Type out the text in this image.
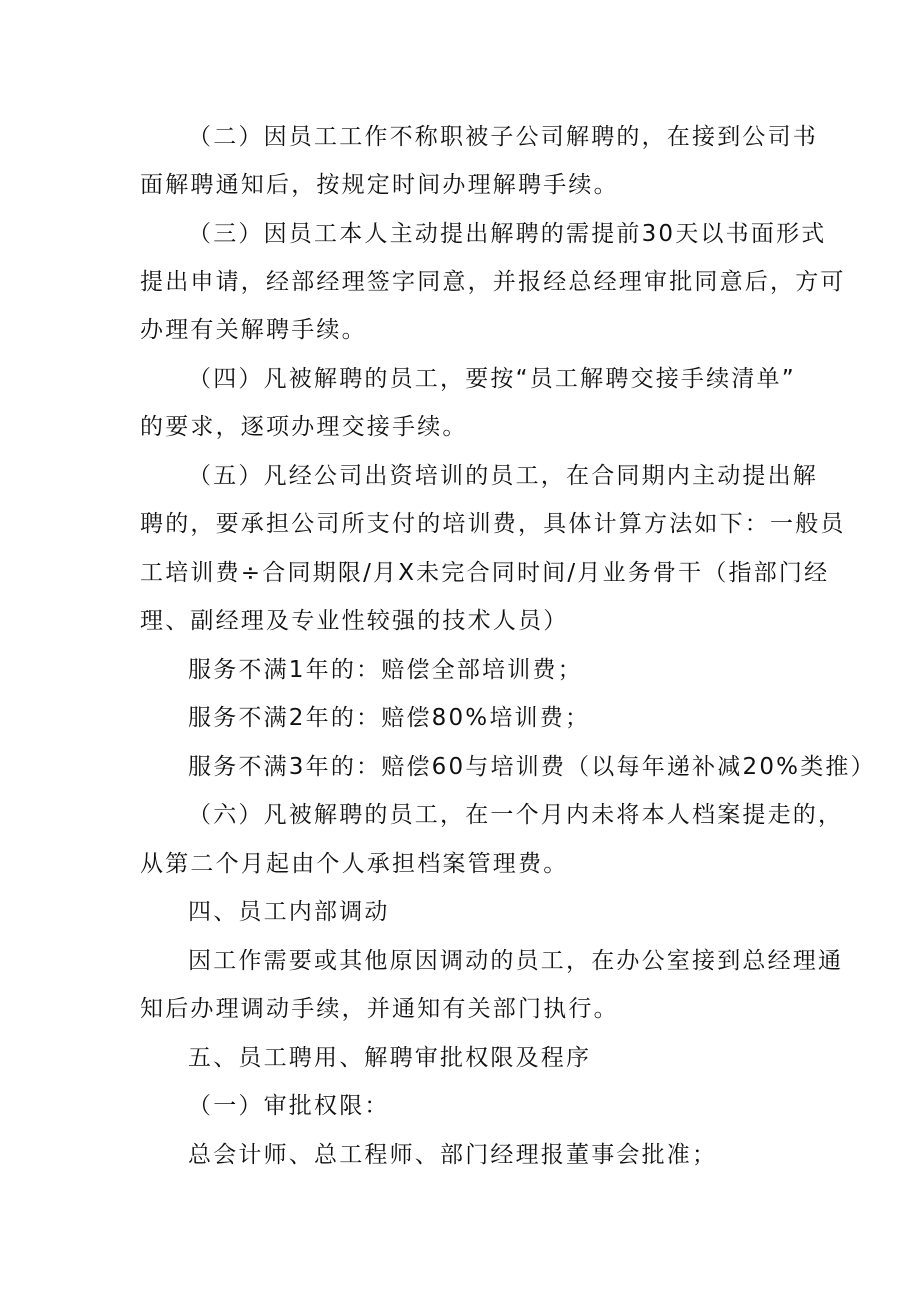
（二）因员工工作不称职被子公司解聘的，在接到公司书
面解聘通知后，按规定时间办理解聘手续。
（三）因员工本人主动提出解聘的需提前30天以书面形式
提出申请，经部经理签字同意，并报经总经理审批同意后，方可
办理有关解聘手续。
（四）凡被解聘的员工，要按“员工解聘交接手续清单”
的要求，逐项办理交接手续。
（五）凡经公司出资培训的员工，在合同期内主动提出解
聘的，要承担公司所支付的培训费，具体计算方法如下：一般员
工培训费÷合同期限/月X未完合同时间/月业务骨干（指部门经
理、副经理及专业性较强的技术人员）
服务不满1年的：赔偿全部培训费；
服务不满2年的：赔偿80%培训费；
服务不满3年的：赔偿60与培训费（以每年递补减20%类推）
（六）凡被解聘的员工，在一个月内未将本人档案提走的，
从第二个月起由个人承担档案管理费。
四、员工内部调动
因工作需要或其他原因调动的员工，在办公室接到总经理通
知后办理调动手续，并通知有关部门执行。
五、员工聘用、解聘审批权限及程序
（一）审批权限：
总会计师、总工程师、部门经理报董事会批准；
